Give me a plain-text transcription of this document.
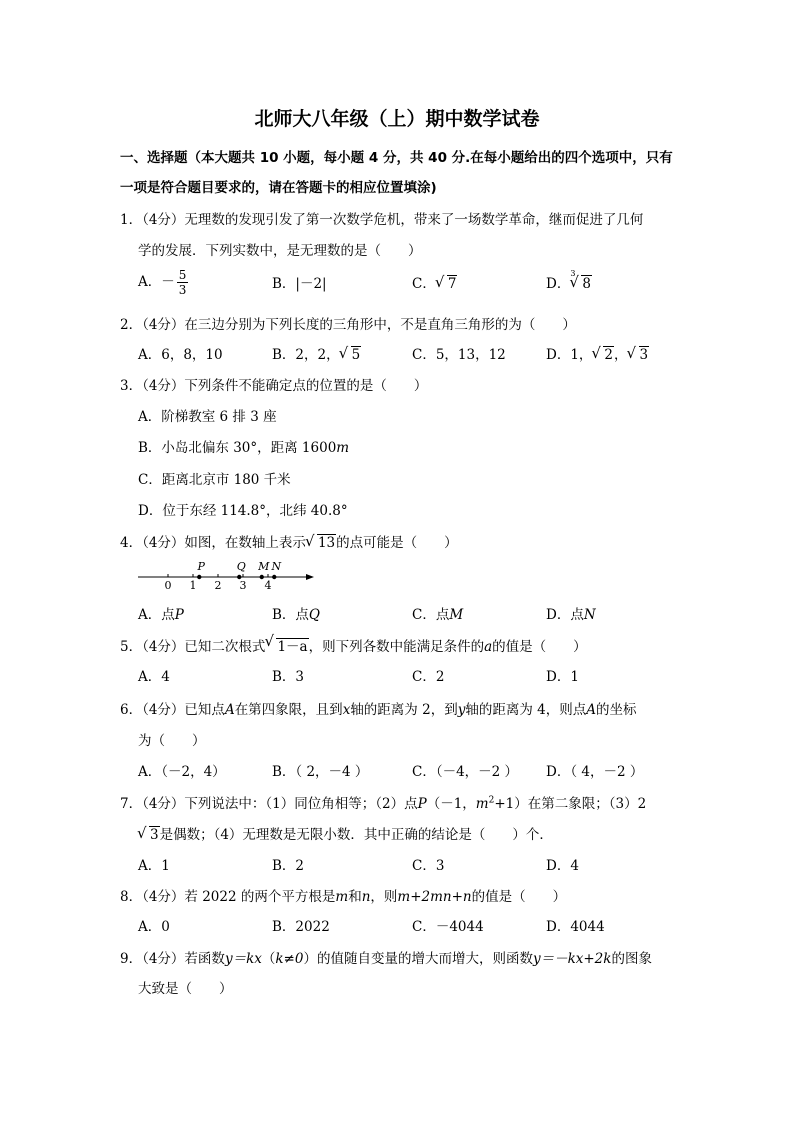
北师大八年级（上）期中数学试卷
一、选择题（本大题共 10 小题，每小题 4 分，共 40 分.在每小题给出的四个选项中，只有
一项是符合题目要求的，请在答题卡的相应位置填涂)
1．（4分）无理数的发现引发了第一次数学危机，带来了一场数学革命，继而促进了几何
学的发展．下列实数中，是无理数的是（　　）
A．－ $\frac{5}{3}$	B．|－2|	C． √ 7	D．
√ 3
8
2．（4分）在三边分别为下列长度的三角形中，不是直角三角形的为（　　）
A．6，8，10	B．2，2， √ 5	C．5，13，12	D．1， √ 2， √ 3
3．（4分）下列条件不能确定点的位置的是（　　）
A．阶梯教室 6 排 3 座
B．小岛北偏东 30°，距离 1600m
C．距离北京市 180 千米
D．位于东经 114.8°，北纬 40.8°
4．（4分）如图，在数轴上表示 √ 13的点可能是（　　）
0 1 2 3 4
P	Q M N
A．点P	B．点Q	C．点M	D．点N
5．（4分）已知二次根式 √ 1－a，则下列各数中能满足条件的a的值是（　　）
A．4	B．3	C．2	D．1
6．（4分）已知点A在第四象限，且到x轴的距离为 2，到y轴的距离为 4，则点A的坐标
为（　　）
A．（－2，4）	B．（ 2，－4 ）	C．（－4，－2 ） D．（ 4，－2 ）
7．（4分）下列说法中：（1）同位角相等；（2）点P（－1，$m^2+1$）在第二象限；（3）2
√ 3是偶数；（4）无理数是无限小数．其中正确的结论是（　　）个．
A．1	B．2	C．3	D．4
8．（4分）若 2022 的两个平方根是m和n，则m+2mn+n的值是（　　）
A．0	B．2022	C．－4044	D．4044
9．（4分）若函数y＝kx（k≠0）的值随自变量的增大而增大，则函数y＝－kx+2k的图象
大致是（　　）
